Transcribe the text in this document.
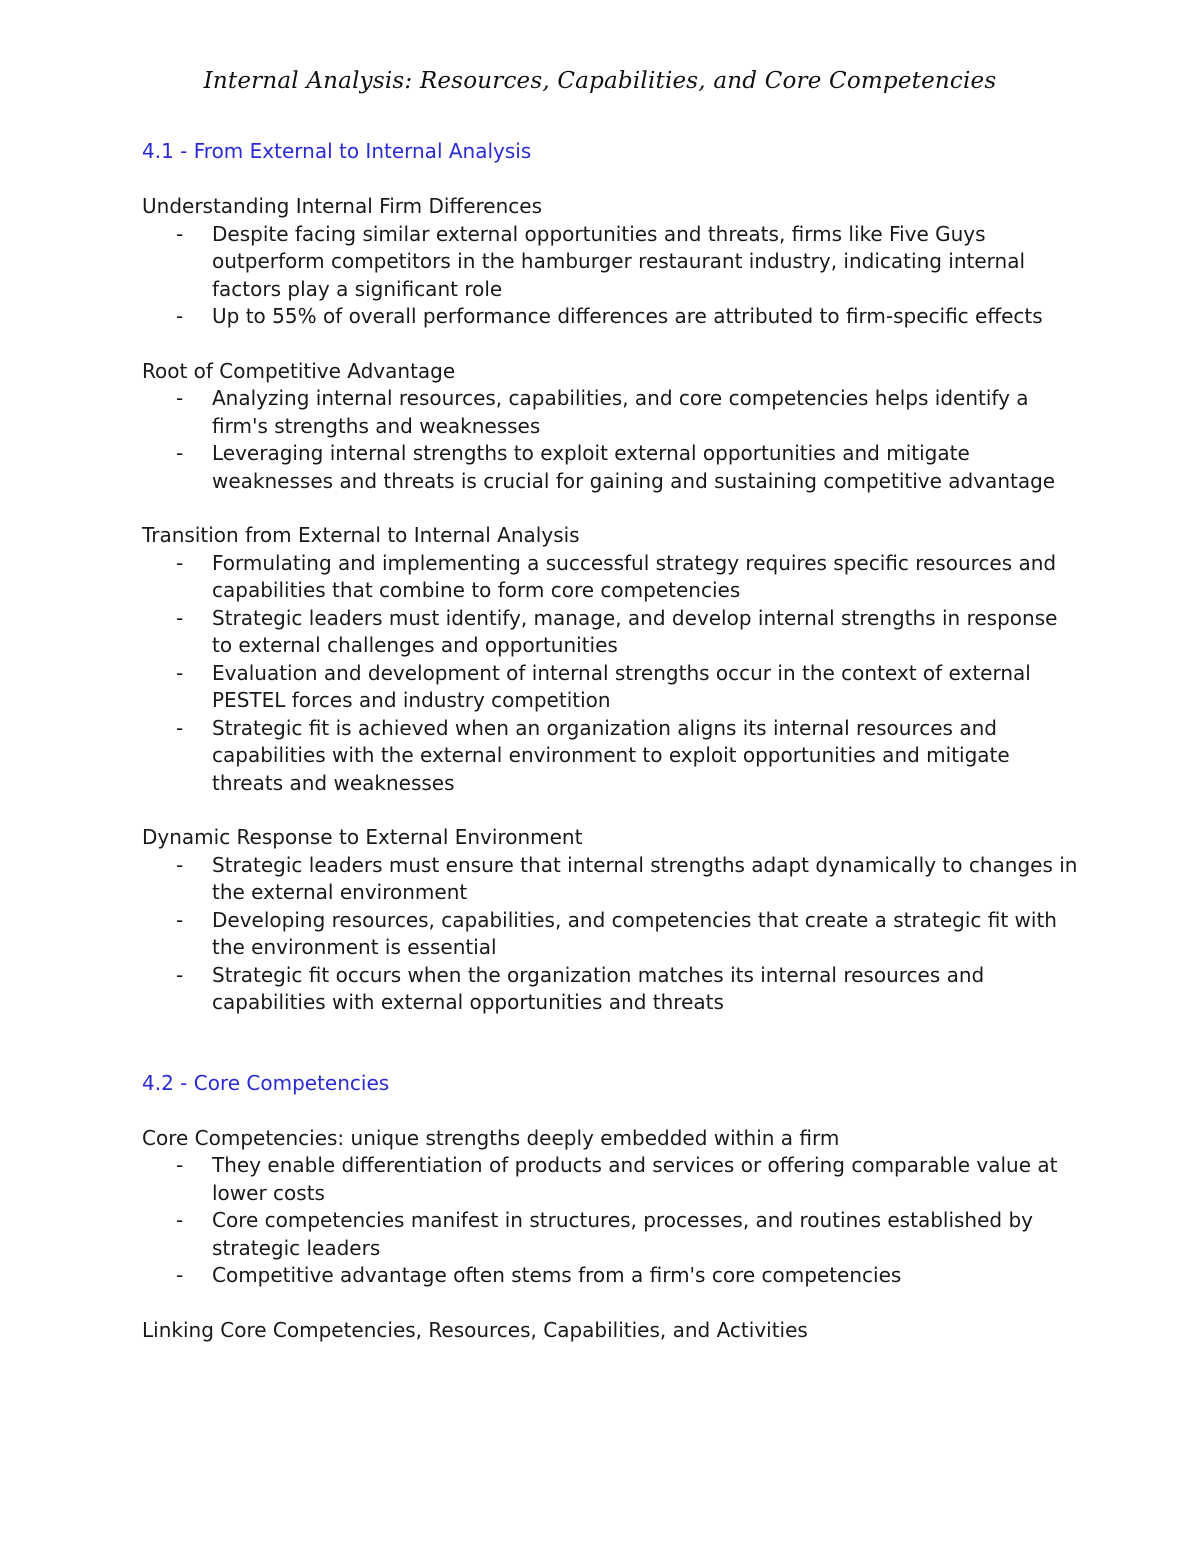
Internal Analysis: Resources, Capabilities, and Core Competencies
4.1 - From External to Internal Analysis

Understanding Internal Firm Differences

- Despite facing similar external opportunities and threats, firms like Five Guys outperform competitors in the hamburger restaurant industry, indicating internal factors play a significant role
- Up to 55% of overall performance differences are attributed to firm-specific effects

Root of Competitive Advantage

- Analyzing internal resources, capabilities, and core competencies helps identify a firm's strengths and weaknesses
- Leveraging internal strengths to exploit external opportunities and mitigate weaknesses and threats is crucial for gaining and sustaining competitive advantage

Transition from External to Internal Analysis

- Formulating and implementing a successful strategy requires specific resources and capabilities that combine to form core competencies
- Strategic leaders must identify, manage, and develop internal strengths in response to external challenges and opportunities
- Evaluation and development of internal strengths occur in the context of external PESTEL forces and industry competition
- Strategic fit is achieved when an organization aligns its internal resources and capabilities with the external environment to exploit opportunities and mitigate threats and weaknesses

Dynamic Response to External Environment

- Strategic leaders must ensure that internal strengths adapt dynamically to changes in the external environment
- Developing resources, capabilities, and competencies that create a strategic fit with the environment is essential
- Strategic fit occurs when the organization matches its internal resources and capabilities with external opportunities and threats
4.2 - Core Competencies

Core Competencies: unique strengths deeply embedded within a firm

- They enable differentiation of products and services or offering comparable value at lower costs
- Core competencies manifest in structures, processes, and routines established by strategic leaders
- Competitive advantage often stems from a firm's core competencies

Linking Core Competencies, Resources, Capabilities, and Activities
